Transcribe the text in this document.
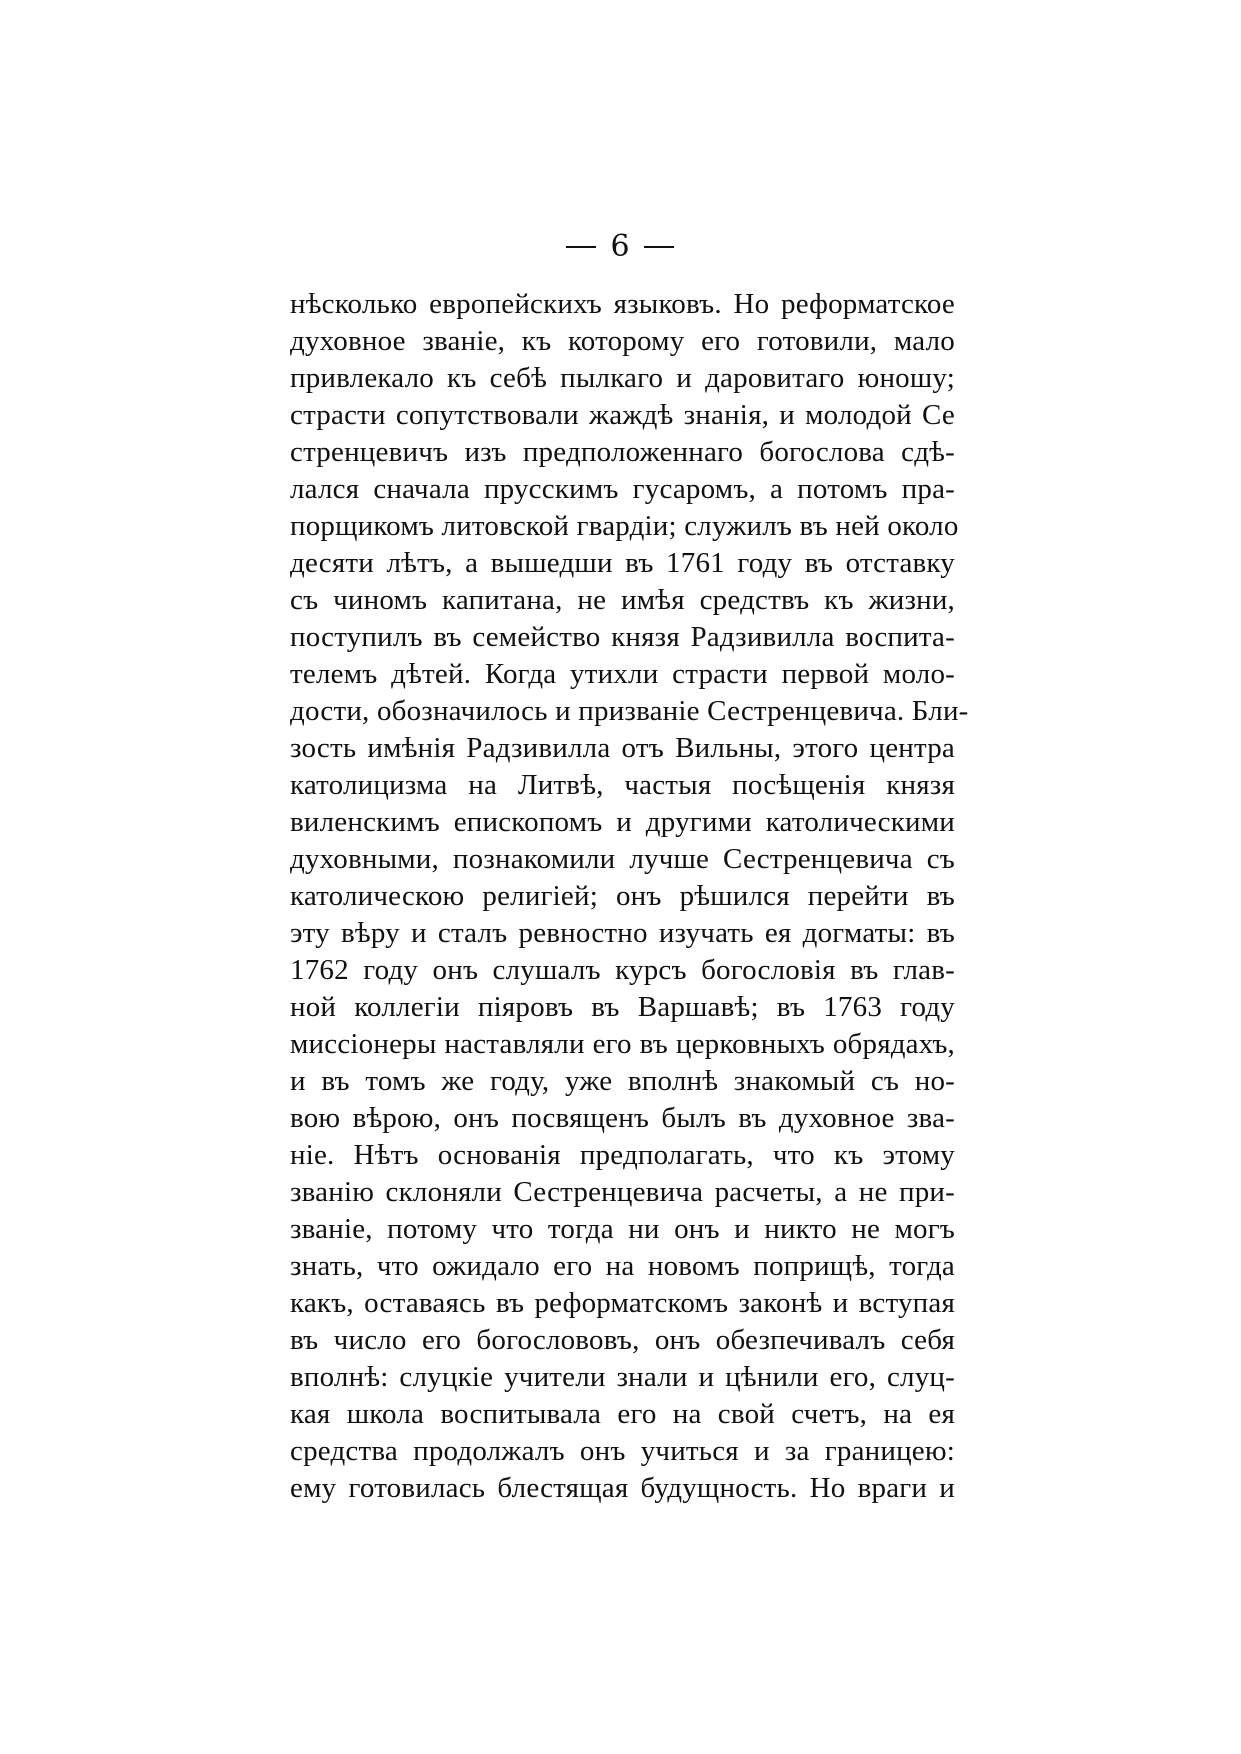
6
нѣсколько европейскихъ языковъ. Но реформатское
духовное званіе, къ которому его готовили, мало
привлекало къ себѣ пылкаго и даровитаго юношу;
страсти сопутствовали жаждѣ знанія, и молодой Се
стренцевичъ изъ предположеннаго богослова сдѣ-
лался сначала прусскимъ гусаромъ, а потомъ пра-
порщикомъ литовской гвардіи; служилъ въ ней около
десяти лѣтъ, а вышедши въ 1761 году въ отставку
съ чиномъ капитана, не имѣя средствъ къ жизни,
поступилъ въ семейство князя Радзивилла воспита-
телемъ дѣтей. Когда утихли страсти первой моло-
дости, обозначилось и призваніе Сестренцевича. Бли-
зость имѣнія Радзивилла отъ Вильны, этого центра
католицизма на Литвѣ, частыя посѣщенія князя
виленскимъ епископомъ и другими католическими
духовными, познакомили лучше Сестренцевича съ
католическою религіей; онъ рѣшился перейти въ
эту вѣру и сталъ ревностно изучать ея догматы: въ
1762 году онъ слушалъ курсъ богословія въ глав-
ной коллегіи піяровъ въ Варшавѣ; въ 1763 году
миссіонеры наставляли его въ церковныхъ обрядахъ,
и въ томъ же году, уже вполнѣ знакомый съ но-
вою вѣрою, онъ посвященъ былъ въ духовное зва-
ніе. Нѣтъ основанія предполагать, что къ этому
званію склоняли Сестренцевича расчеты, а не при-
званіе, потому что тогда ни онъ и никто не могъ
знать, что ожидало его на новомъ поприщѣ, тогда
какъ, оставаясь въ реформатскомъ законѣ и вступая
въ число его богослововъ, онъ обезпечивалъ себя
вполнѣ: слуцкіе учители знали и цѣнили его, слуц-
кая школа воспитывала его на свой счетъ, на ея
средства продолжалъ онъ учиться и за границею:
ему готовилась блестящая будущность. Но враги и
